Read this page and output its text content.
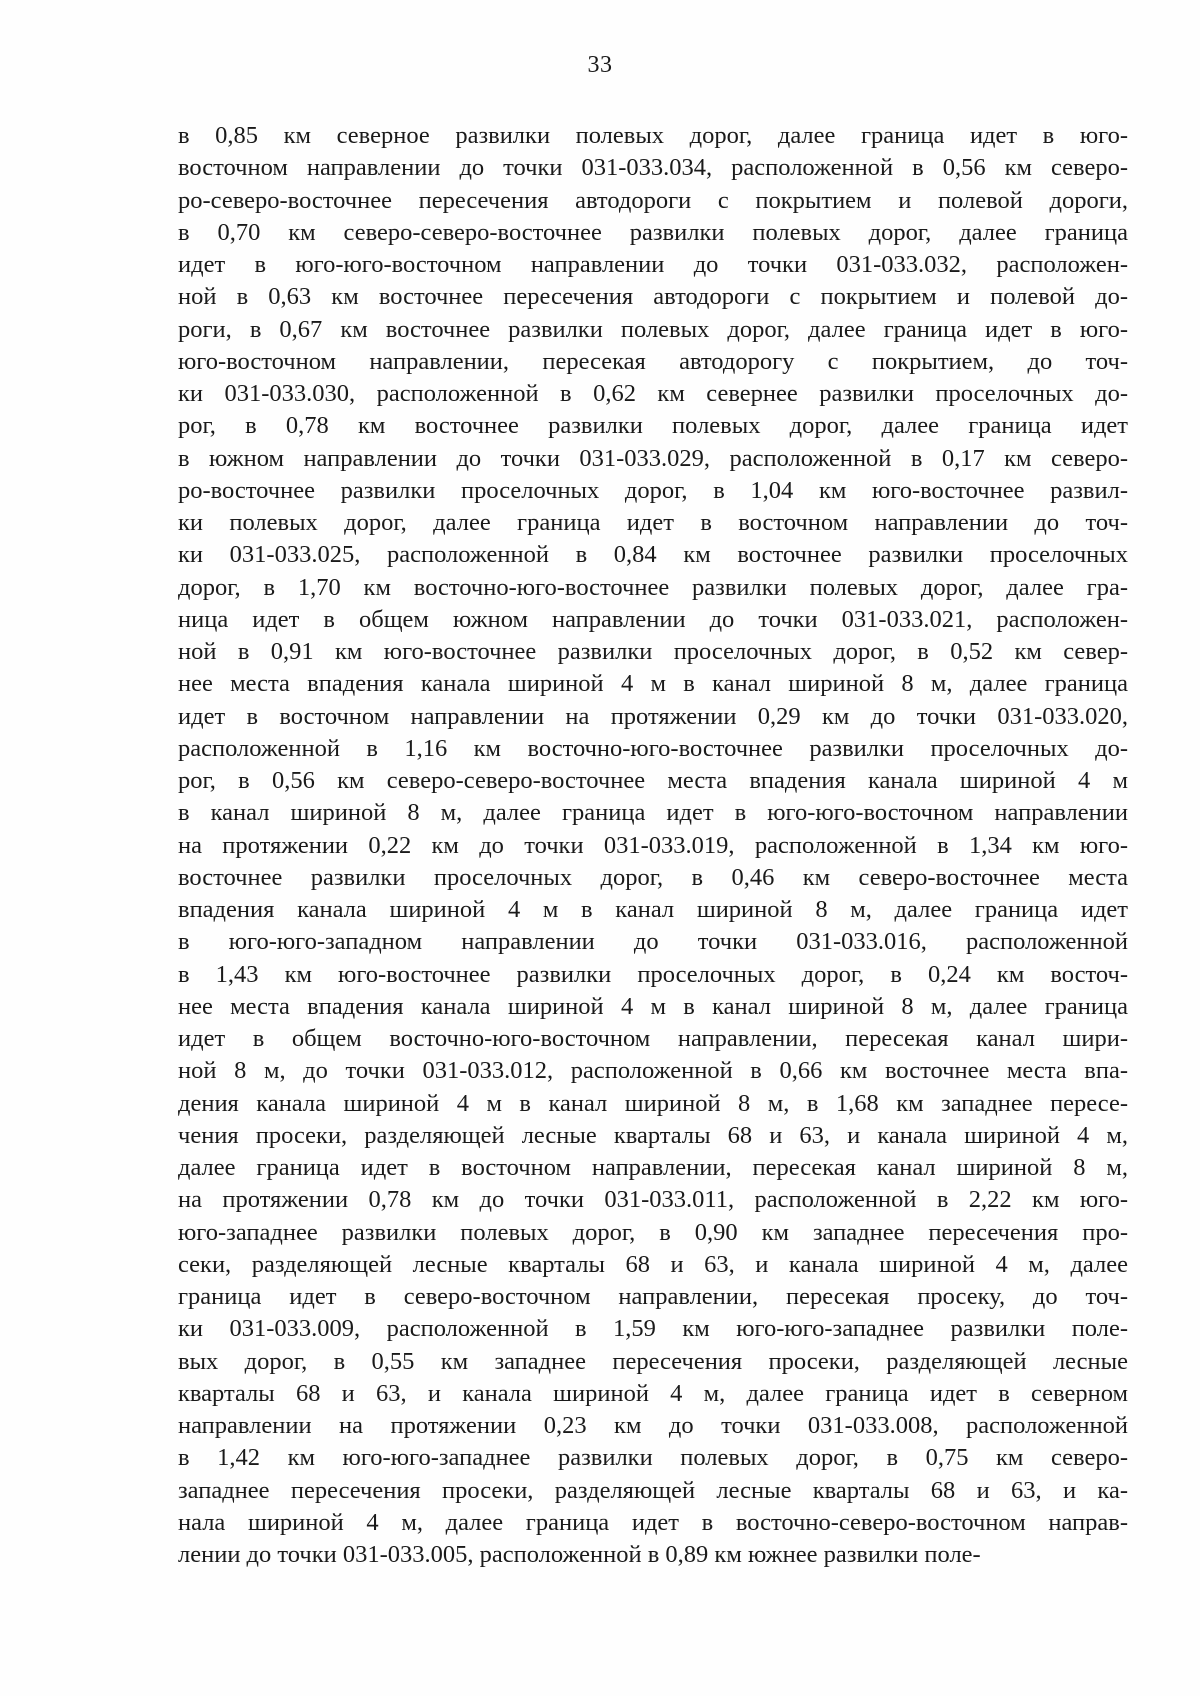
33
в 0,85 км северное развилки полевых дорог, далее граница идет в юго-
восточном направлении до точки 031-033.034, расположенной в 0,56 км северо-
ро-северо-восточнее пересечения автодороги с покрытием и полевой дороги,
в 0,70 км северо-северо-восточнее развилки полевых дорог, далее граница
идет в юго-юго-восточном направлении до точки 031-033.032, расположен-
ной в 0,63 км восточнее пересечения автодороги с покрытием и полевой до-
роги, в 0,67 км восточнее развилки полевых дорог, далее граница идет в юго-
юго-восточном направлении, пересекая автодорогу с покрытием, до точ-
ки 031-033.030, расположенной в 0,62 км севернее развилки проселочных до-
рог, в 0,78 км восточнее развилки полевых дорог, далее граница идет
в южном направлении до точки 031-033.029, расположенной в 0,17 км северо-
ро-восточнее развилки проселочных дорог, в 1,04 км юго-восточнее развил-
ки полевых дорог, далее граница идет в восточном направлении до точ-
ки 031-033.025, расположенной в 0,84 км восточнее развилки проселочных
дорог, в 1,70 км восточно-юго-восточнее развилки полевых дорог, далее гра-
ница идет в общем южном направлении до точки 031-033.021, расположен-
ной в 0,91 км юго-восточнее развилки проселочных дорог, в 0,52 км север-
нее места впадения канала шириной 4 м в канал шириной 8 м, далее граница
идет в восточном направлении на протяжении 0,29 км до точки 031-033.020,
расположенной в 1,16 км восточно-юго-восточнее развилки проселочных до-
рог, в 0,56 км северо-северо-восточнее места впадения канала шириной 4 м
в канал шириной 8 м, далее граница идет в юго-юго-восточном направлении
на протяжении 0,22 км до точки 031-033.019, расположенной в 1,34 км юго-
восточнее развилки проселочных дорог, в 0,46 км северо-восточнее места
впадения канала шириной 4 м в канал шириной 8 м, далее граница идет
в юго-юго-западном направлении до точки 031-033.016, расположенной
в 1,43 км юго-восточнее развилки проселочных дорог, в 0,24 км восточ-
нее места впадения канала шириной 4 м в канал шириной 8 м, далее граница
идет в общем восточно-юго-восточном направлении, пересекая канал шири-
ной 8 м, до точки 031-033.012, расположенной в 0,66 км восточнее места впа-
дения канала шириной 4 м в канал шириной 8 м, в 1,68 км западнее пересе-
чения просеки, разделяющей лесные кварталы 68 и 63, и канала шириной 4 м,
далее граница идет в восточном направлении, пересекая канал шириной 8 м,
на протяжении 0,78 км до точки 031-033.011, расположенной в 2,22 км юго-
юго-западнее развилки полевых дорог, в 0,90 км западнее пересечения про-
секи, разделяющей лесные кварталы 68 и 63, и канала шириной 4 м, далее
граница идет в северо-восточном направлении, пересекая просеку, до точ-
ки 031-033.009, расположенной в 1,59 км юго-юго-западнее развилки поле-
вых дорог, в 0,55 км западнее пересечения просеки, разделяющей лесные
кварталы 68 и 63, и канала шириной 4 м, далее граница идет в северном
направлении на протяжении 0,23 км до точки 031-033.008, расположенной
в 1,42 км юго-юго-западнее развилки полевых дорог, в 0,75 км северо-
западнее пересечения просеки, разделяющей лесные кварталы 68 и 63, и ка-
нала шириной 4 м, далее граница идет в восточно-северо-восточном направ-
лении до точки 031-033.005, расположенной в 0,89 км южнее развилки поле-
